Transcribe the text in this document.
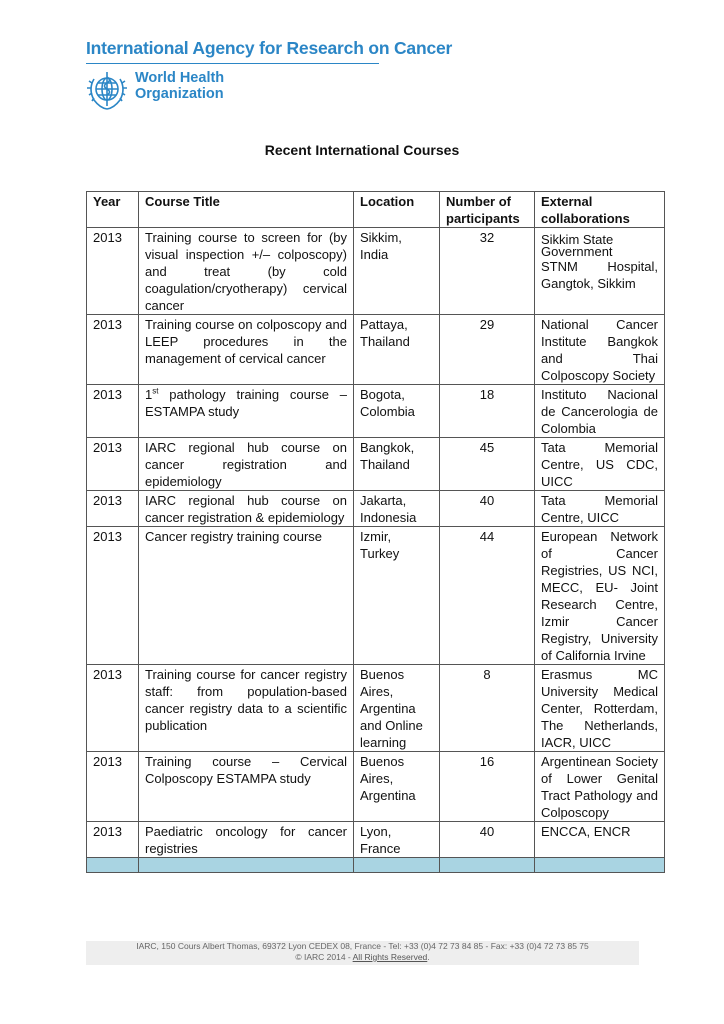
International Agency for Research on Cancer
World Health
Organization
Recent International Courses
Year	Course Title	Location	Number of participants	External collaborations
2013	Training course to screen for (by visual inspection +/– colposcopy) and treat (by cold coagulation/cryotherapy) cervical cancer	Sikkim, India	32	Sikkim State Government
STNM Hospital, Gangtok, Sikkim

2013	Training course on colposcopy and LEEP procedures in the management of cervical cancer	Pattaya, Thailand	29	National Cancer Institute Bangkok and Thai Colposcopy Society
2013	1st pathology training course – ESTAMPA study	Bogota, Colombia	18	Instituto Nacional de Cancerologia de Colombia
2013	IARC regional hub course on cancer registration and epidemiology	Bangkok, Thailand	45	Tata Memorial Centre, US CDC, UICC
2013	IARC regional hub course on cancer registration & epidemiology	Jakarta, Indonesia	40	Tata Memorial Centre, UICC
2013	Cancer registry training course	Izmir, Turkey	44	European Network of Cancer Registries, US NCI, MECC, EU- Joint Research Centre, Izmir Cancer Registry, University of California Irvine
2013	Training course for cancer registry staff: from population-based cancer registry data to a scientific publication	Buenos Aires, Argentina and Online learning	8	Erasmus MC University Medical Center, Rotterdam, The Netherlands, IACR, UICC
2013	Training course – Cervical Colposcopy ESTAMPA study	Buenos Aires, Argentina	16	Argentinean Society of Lower Genital Tract Pathology and Colposcopy
2013	Paediatric oncology for cancer registries	Lyon, France	40	ENCCA, ENCR

IARC, 150 Cours Albert Thomas, 69372 Lyon CEDEX 08, France - Tel: +33 (0)4 72 73 84 85 - Fax: +33 (0)4 72 73 85 75
© IARC 2014 - All Rights Reserved.
